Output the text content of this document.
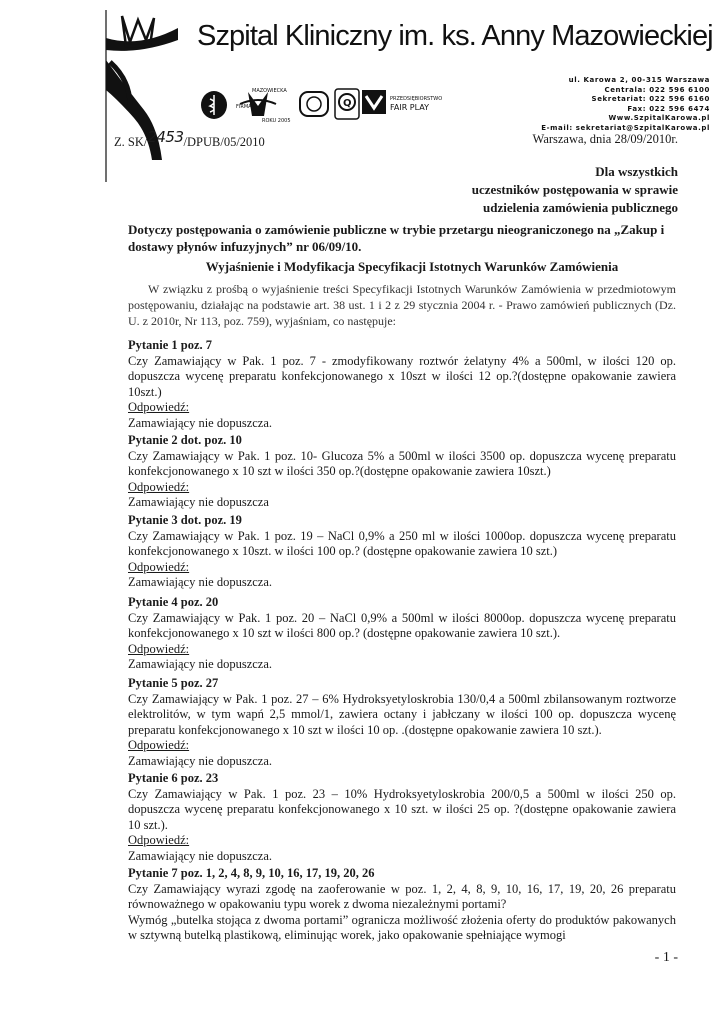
Szpital Kliniczny im. ks. Anny Mazowieckiej
ul. Karowa 2, 00-315 Warszawa
Centrala: 022 596 6100
Sekretariat: 022 596 6160
Fax: 022 596 6474
Www.SzpitalKarowa.pl
E-mail: sekretariat@SzpitalKarowa.pl
MAZOWIECKA
FIRMA
ROKU 2005
Q	PRZEDSIĘBIORSTWO
FAIR PLAY
Z. SK/2453/DPUB/05/2010	Warszawa, dnia 28/09/2010r.
Dla wszystkich
uczestników postępowania w sprawie
udzielenia zamówienia publicznego
Dotyczy postępowania o zamówienie publiczne w trybie przetargu nieograniczonego na „Zakup i dostawy płynów infuzyjnych” nr 06/09/10.
Wyjaśnienie i Modyfikacja Specyfikacji Istotnych Warunków Zamówienia
W związku z prośbą o wyjaśnienie treści Specyfikacji Istotnych Warunków Zamówienia w przedmiotowym postępowaniu, działając na podstawie art. 38 ust. 1 i 2 z 29 stycznia 2004 r. - Prawo zamówień publicznych (Dz. U. z 2010r, Nr 113, poz. 759), wyjaśniam, co następuje:
Pytanie 1 poz. 7
Czy Zamawiający w Pak. 1 poz. 7 - zmodyfikowany roztwór żelatyny 4% a 500ml, w ilości 120 op. dopuszcza wycenę preparatu konfekcjonowanego x 10szt w ilości 12 op.?(dostępne opakowanie zawiera 10szt.)
Odpowiedź:
Zamawiający nie dopuszcza.
Pytanie 2 dot. poz. 10
Czy Zamawiający w Pak. 1 poz. 10- Glucoza 5% a 500ml w ilości 3500 op. dopuszcza wycenę preparatu konfekcjonowanego x 10 szt w ilości 350 op.?(dostępne opakowanie zawiera 10szt.)
Odpowiedź:
Zamawiający nie dopuszcza
Pytanie 3 dot. poz. 19
Czy Zamawiający w Pak. 1 poz. 19 – NaCl 0,9% a 250 ml w ilości 1000op. dopuszcza wycenę preparatu konfekcjonowanego x 10szt. w ilości 100 op.? (dostępne opakowanie zawiera 10 szt.)
Odpowiedź:
Zamawiający nie dopuszcza.
Pytanie 4 poz. 20
Czy Zamawiający w Pak. 1 poz. 20 – NaCl 0,9% a 500ml w ilości 8000op. dopuszcza wycenę preparatu konfekcjonowanego x 10 szt w ilości 800 op.? (dostępne opakowanie zawiera 10 szt.).
Odpowiedź:
Zamawiający nie dopuszcza.
Pytanie 5 poz. 27
Czy Zamawiający w Pak. 1 poz. 27 – 6% Hydroksyetyloskrobia 130/0,4 a 500ml zbilansowanym roztworze elektrolitów, w tym wapń 2,5 mmol/1, zawiera octany i jabłczany w ilości 100 op. dopuszcza wycenę preparatu konfekcjonowanego x 10 szt w ilości 10 op. .(dostępne opakowanie zawiera 10 szt.).
Odpowiedź:
Zamawiający nie dopuszcza.
Pytanie 6 poz. 23
Czy Zamawiający w Pak. 1 poz. 23 – 10% Hydroksyetyloskrobia 200/0,5 a 500ml w ilości 250 op. dopuszcza wycenę preparatu konfekcjonowanego x 10 szt. w ilości 25 op. ?(dostępne opakowanie zawiera 10 szt.).
Odpowiedź:
Zamawiający nie dopuszcza.
Pytanie 7 poz. 1, 2, 4, 8, 9, 10, 16, 17, 19, 20, 26
Czy Zamawiający wyrazi zgodę na zaoferowanie w poz. 1, 2, 4, 8, 9, 10, 16, 17, 19, 20, 26 preparatu równoważnego w opakowaniu typu worek z dwoma niezależnymi portami?
Wymóg „butelka stojąca z dwoma portami” ogranicza możliwość złożenia oferty do produktów pakowanych w sztywną butelką plastikową, eliminując worek, jako opakowanie spełniające wymogi
- 1 -
